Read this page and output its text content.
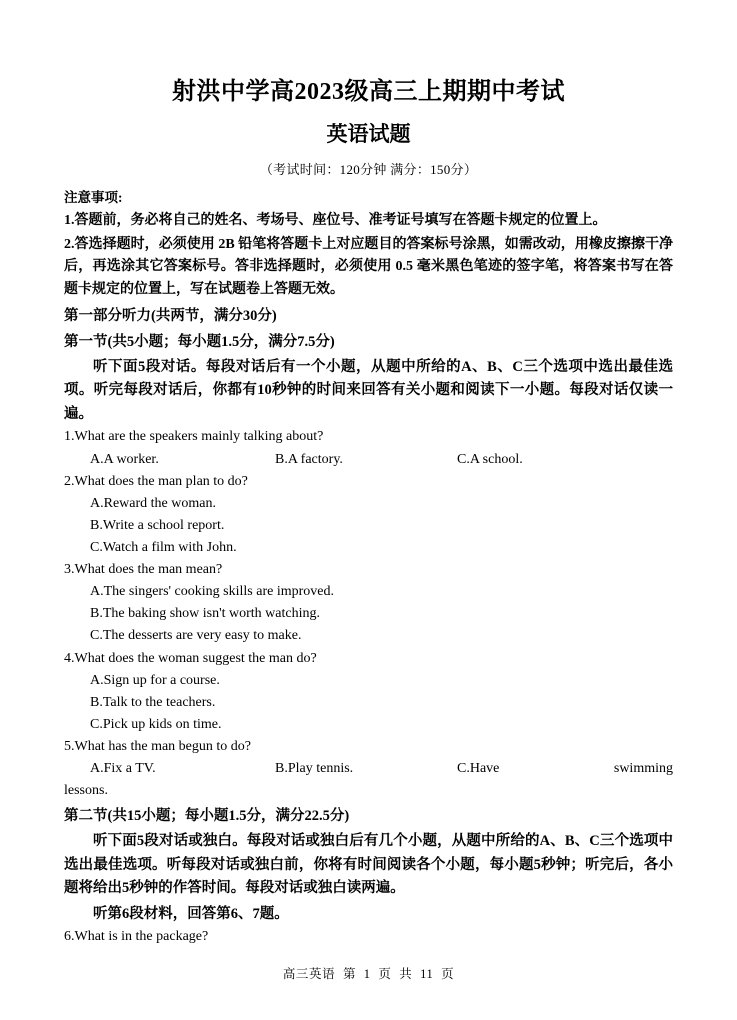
射洪中学高2023级高三上期期中考试
英语试题
（考试时间：120分钟 满分：150分）
注意事项:
1.答题前，务必将自己的姓名、考场号、座位号、准考证号填写在答题卡规定的位置上。
2.答选择题时，必须使用 2B 铅笔将答题卡上对应题目的答案标号涂黑，如需改动，用橡皮擦擦干净后，再选涂其它答案标号。答非选择题时，必须使用 0.5 毫米黑色笔迹的签字笔，将答案书写在答题卡规定的位置上，写在试题卷上答题无效。
第一部分听力(共两节，满分30分)
第一节(共5小题；每小题1.5分，满分7.5分)
听下面5段对话。每段对话后有一个小题，从题中所给的A、B、C三个选项中选出最佳选项。听完每段对话后，你都有10秒钟的时间来回答有关小题和阅读下一小题。每段对话仅读一遍。
1.What are the speakers mainly talking about?
A.A worker.	B.A factory.	C.A school.
2.What does the man plan to do?
A.Reward the woman.
B.Write a school report.
C.Watch a film with John.
3.What does the man mean?
A.The singers' cooking skills are improved.
B.The baking show isn't worth watching.
C.The desserts are very easy to make.
4.What does the woman suggest the man do?
A.Sign up for a course.
B.Talk to the teachers.
C.Pick up kids on time.
5.What has the man begun to do?
A.Fix a TV.	B.Play tennis.	C.Have	swimming
lessons.
第二节(共15小题；每小题1.5分，满分22.5分)
听下面5段对话或独白。每段对话或独白后有几个小题，从题中所给的A、B、C三个选项中选出最佳选项。听每段对话或独白前，你将有时间阅读各个小题，每小题5秒钟；听完后，各小题将给出5秒钟的作答时间。每段对话或独白读两遍。
听第6段材料，回答第6、7题。
6.What is in the package?
高三英语 第 1 页 共 11 页
